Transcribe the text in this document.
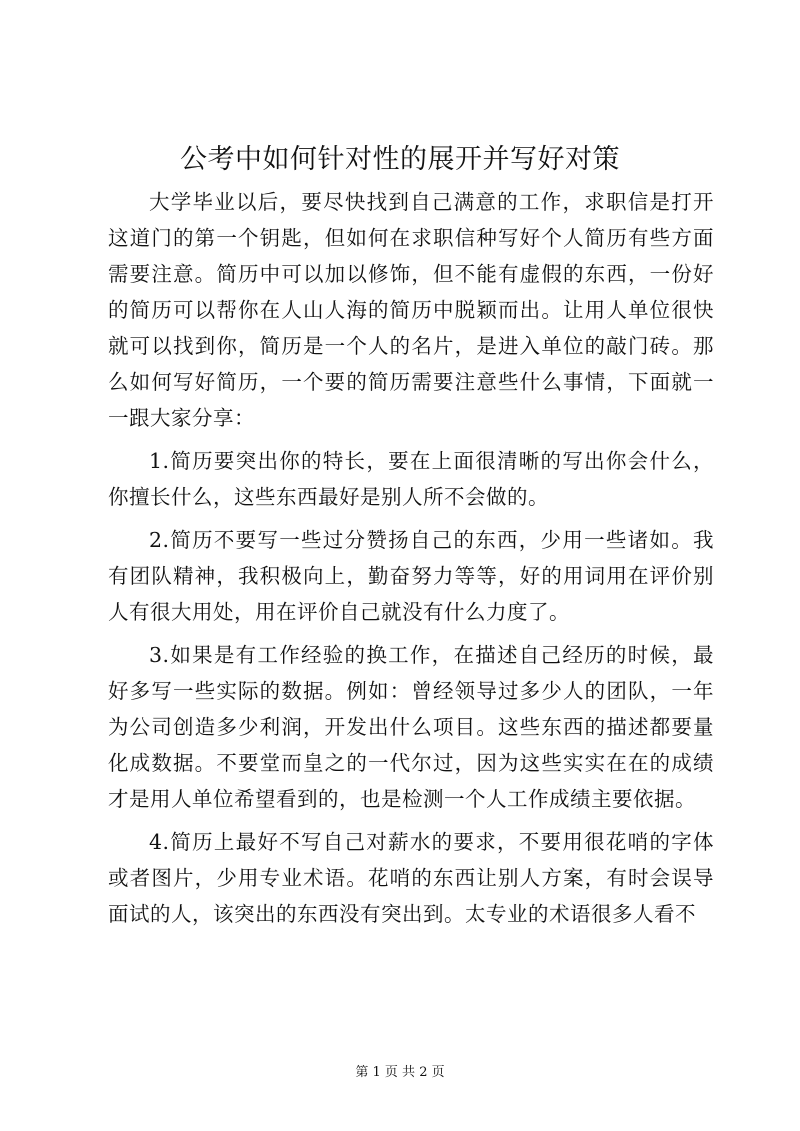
公考中如何针对性的展开并写好对策

大学毕业以后，要尽快找到自己满意的工作，求职信是打开这道门的第一个钥匙，但如何在求职信种写好个人简历有些方面需要注意。简历中可以加以修饰，但不能有虚假的东西，一份好的简历可以帮你在人山人海的简历中脱颖而出。让用人单位很快就可以找到你，简历是一个人的名片，是进入单位的敲门砖。那么如何写好简历，一个要的简历需要注意些什么事情，下面就一一跟大家分享：

1.简历要突出你的特长，要在上面很清晰的写出你会什么，你擅长什么，这些东西最好是别人所不会做的。

2.简历不要写一些过分赞扬自己的东西，少用一些诸如。我有团队精神，我积极向上，勤奋努力等等，好的用词用在评价别人有很大用处，用在评价自己就没有什么力度了。

3.如果是有工作经验的换工作，在描述自己经历的时候，最好多写一些实际的数据。例如：曾经领导过多少人的团队，一年为公司创造多少利润，开发出什么项目。这些东西的描述都要量化成数据。不要堂而皇之的一代尔过，因为这些实实在在的成绩才是用人单位希望看到的，也是检测一个人工作成绩主要依据。

4.简历上最好不写自己对薪水的要求，不要用很花哨的字体或者图片，少用专业术语。花哨的东西让别人方案，有时会误导面试的人，该突出的东西没有突出到。太专业的术语很多人看不

第 1 页 共 2 页
